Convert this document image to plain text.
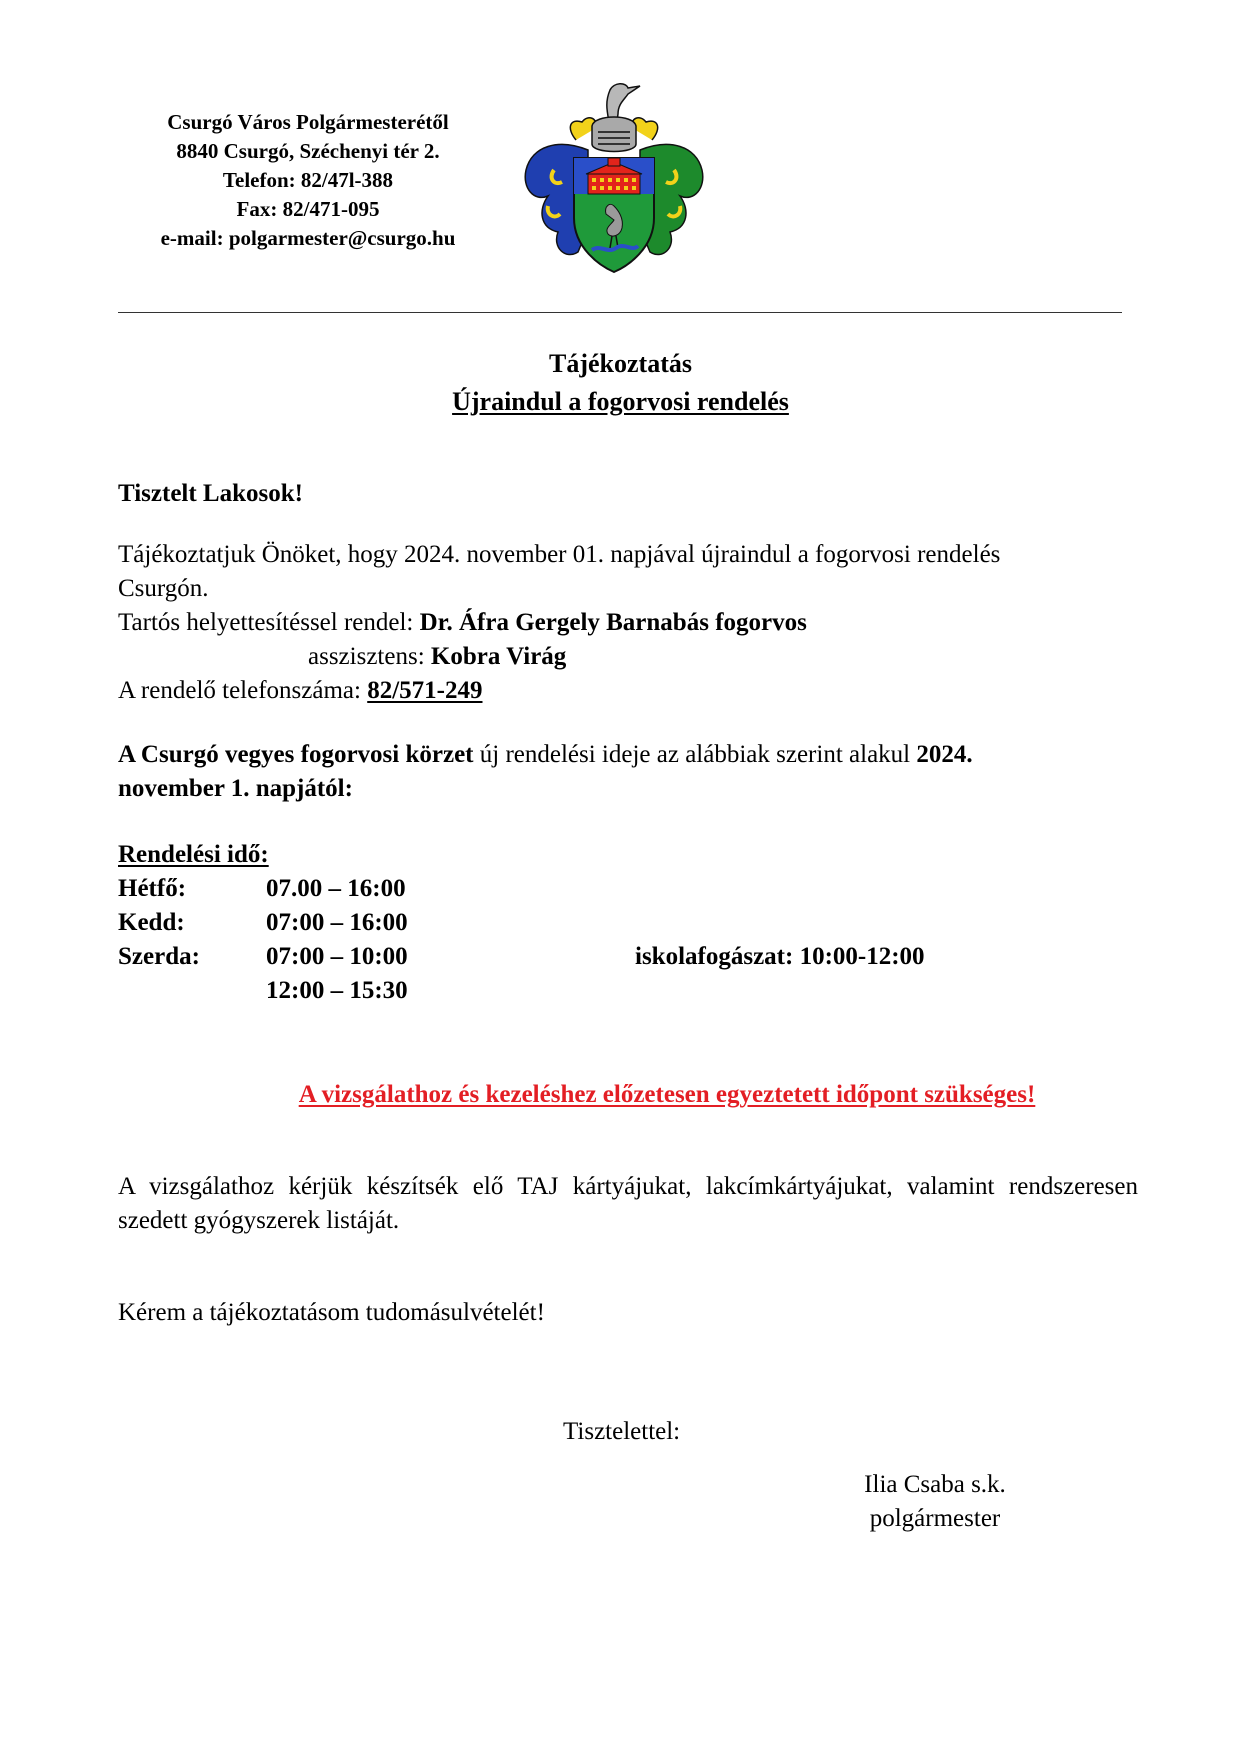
Csurgó Város Polgármesterétől
8840 Csurgó, Széchenyi tér 2.
Telefon: 82/47l-388
Fax: 82/471-095
e-mail: polgarmester@csurgo.hu
Tájékoztatás
Újraindul a fogorvosi rendelés
Tisztelt Lakosok!
Tájékoztatjuk Önöket, hogy 2024. november 01. napjával újraindul a fogorvosi rendelés
Csurgón.
Tartós helyettesítéssel rendel: Dr. Áfra Gergely Barnabás fogorvos
asszisztens: Kobra Virág
A rendelő telefonszáma: 82/571-249
A Csurgó vegyes fogorvosi körzet új rendelési ideje az alábbiak szerint alakul 2024.
november 1. napjától:
Rendelési idő:
Hétfő:	07.00 – 16:00
Kedd:	07:00 – 16:00
Szerda:	07:00 – 10:00	iskolafogászat: 10:00-12:00
12:00 – 15:30
A vizsgálathoz és kezeléshez előzetesen egyeztetett időpont szükséges!
A vizsgálathoz kérjük készítsék elő TAJ kártyájukat, lakcímkártyájukat, valamint rendszeresen szedett gyógyszerek listáját.
Kérem a tájékoztatásom tudomásulvételét!
Tisztelettel:
Ilia Csaba s.k.
polgármester
